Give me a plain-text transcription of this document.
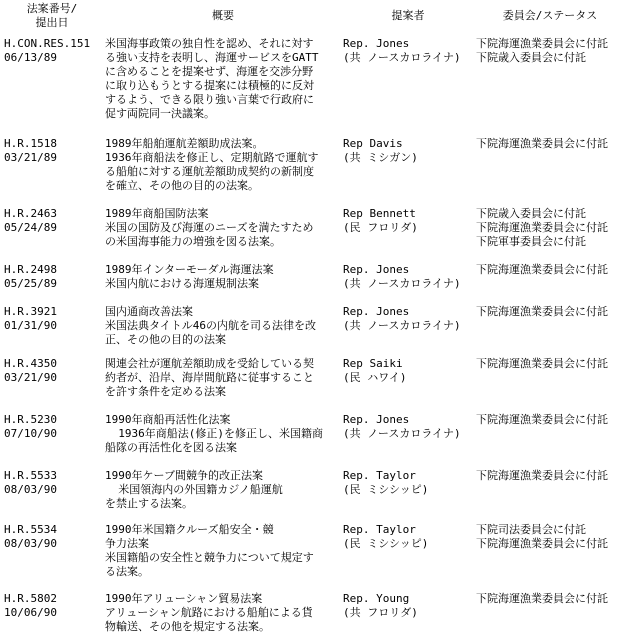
法案番号/
提出日
概要	提案者	委員会/ステータス
H.CON.RES.151
06/13/89
米国海事政策の独自性を認め、それに対す
る強い支持を表明し、海運サービスをGATT
に含めることを提案せず、海運を交渉分野
に取り込もうとする提案には積極的に反対
するよう、できる限り強い言葉で行政府に
促す両院同一決議案。
Rep. Jones
(共 ノースカロライナ)
下院海運漁業委員会に付託
下院歳入委員会に付託
H.R.1518
03/21/89
1989年船舶運航差額助成法案。
1936年商船法を修正し、定期航路で運航す
る船舶に対する運航差額助成契約の新制度
を確立、その他の目的の法案。
Rep Davis
(共 ミシガン)
下院海運漁業委員会に付託
H.R.2463
05/24/89
1989年商船国防法案
米国の国防及び海運のニーズを満たすため
の米国海事能力の増強を図る法案。
Rep Bennett
(民 フロリダ)
下院歳入委員会に付託
下院海運漁業委員会に付託
下院軍事委員会に付託
H.R.2498
05/25/89
1989年インターモーダル海運法案
米国内航における海運規制法案
Rep. Jones
(共 ノースカロライナ)
下院海運漁業委員会に付託
H.R.3921
01/31/90
国内通商改善法案
米国法典タイトル46の内航を司る法律を改
正、その他の目的の法案
Rep. Jones
(共 ノースカロライナ)
下院海運漁業委員会に付託
H.R.4350
03/21/90
関連会社が運航差額助成を受給している契
約者が、沿岸、海岸間航路に従事すること
を許す条件を定める法案
Rep Saiki
(民 ハワイ)
下院海運漁業委員会に付託
H.R.5230
07/10/90
1990年商船再活性化法案
1936年商船法(修正)を修正し、米国籍商
船隊の再活性化を図る法案
Rep. Jones
(共 ノースカロライナ)
下院海運漁業委員会に付託
H.R.5533
08/03/90
1990年ケーブ間競争的改正法案
米国領海内の外国籍カジノ船運航
を禁止する法案。
Rep. Taylor
(民 ミシシッピ)
下院海運漁業委員会に付託
H.R.5534
08/03/90
1990年米国籍クルーズ船安全・競
争力法案
米国籍船の安全性と競争力について規定す
る法案。
Rep. Taylor
(民 ミシシッピ)
下院司法委員会に付託
下院海運漁業委員会に付託
H.R.5802
10/06/90
1990年アリューシャン貿易法案
アリューシャン航路における船舶による貨
物輸送、その他を規定する法案。
Rep. Young
(共 フロリダ)
下院海運漁業委員会に付託
